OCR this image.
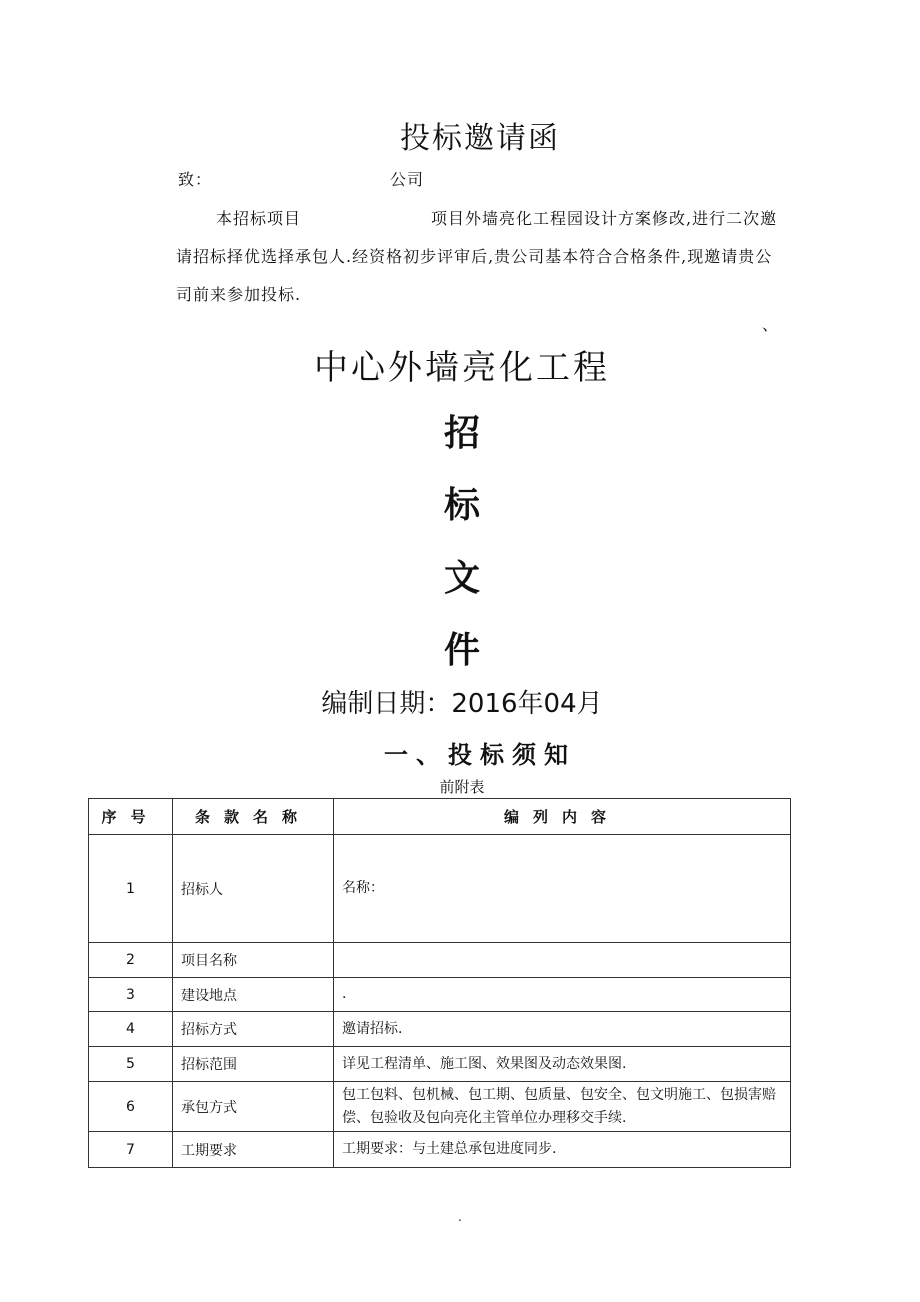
投标邀请函
致：	公司
本招标项目	项目外墙亮化工程园设计方案修改,进行二次邀请招标择优选择承包人.经资格初步评审后,贵公司基本符合合格条件,现邀请贵公司前来参加投标.
、
中心外墙亮化工程
招
标
文
件
编制日期：2016年04月
一、投标须知
前附表
序号	条款名称	编列内容
1	招标人	名称：
2	项目名称	
3	建设地点	.
4	招标方式	邀请招标.
5	招标范围	详见工程清单、施工图、效果图及动态效果图.
6	承包方式	包工包料、包机械、包工期、包质量、包安全、包文明施工、包损害赔偿、包验收及包向亮化主管单位办理移交手续.
7	工期要求	工期要求：与土建总承包进度同步.
.
